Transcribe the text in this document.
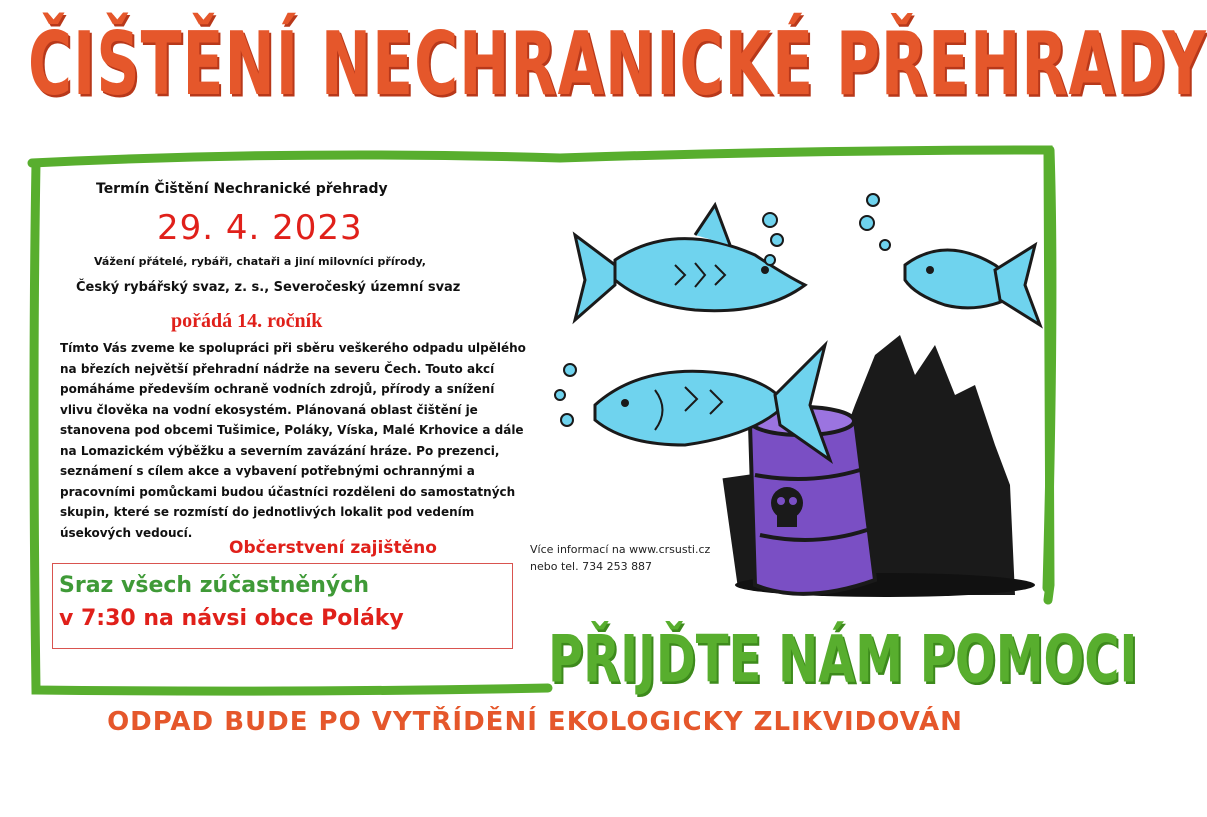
ČIŠTĚNÍ NECHRANICKÉ PŘEHRADY
Termín Čištění Nechranické přehrady
29. 4. 2023
Vážení přátelé, rybáři, chataři a jiní milovníci přírody,
Český rybářský svaz, z. s., Severočeský územní svaz
pořádá 14. ročník
Tímto Vás zveme ke spolupráci při sběru veškerého odpadu ulpělého
na březích největší přehradní nádrže na severu Čech. Touto akcí
pomáháme především ochraně vodních zdrojů, přírody a snížení
vlivu člověka na vodní ekosystém. Plánovaná oblast čištění je
stanovena pod obcemi Tušimice, Poláky, Víska, Malé Krhovice a dále
na Lomazickém výběžku a severním zavázání hráze. Po prezenci,
seznámení s cílem akce a vybavení potřebnými ochrannými a
pracovními pomůckami budou účastníci rozděleni do samostatných
skupin, které se rozmístí do jednotlivých lokalit pod vedením
úsekových vedoucí.
Občerstvení zajištěno	Více informací na www.crsusti.cz
nebo tel. 734 253 887
Sraz všech zúčastněných
v 7:30 na návsi obce Poláky
PŘIJĎTE NÁM POMOCI
ODPAD BUDE PO VYTŘÍDĚNÍ EKOLOGICKY ZLIKVIDOVÁN
